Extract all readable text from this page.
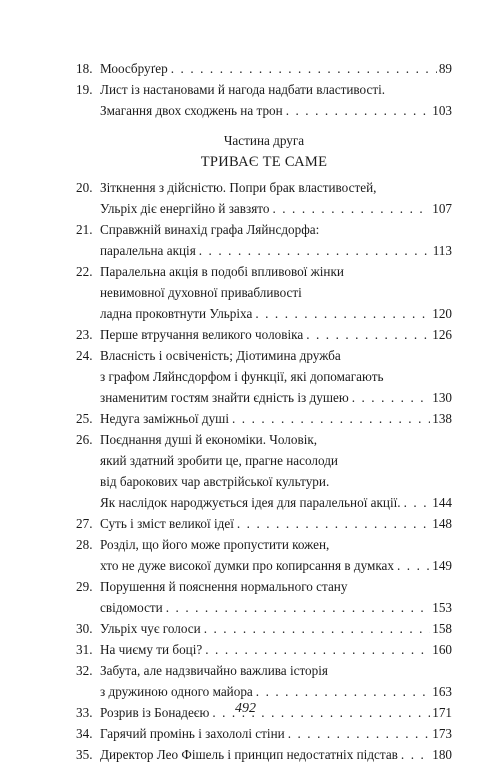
18. Моосбруґер . . .	89
19. Лист із настановами й нагода надбати властивості.
Змагання двох сходжень на трон . . .	103
Частина друга
ТРИВАЄ ТЕ САМЕ
20. Зіткнення з дійсністю. Попри брак властивостей,
Ульріх діє енергійно й завзято . . .	107
21. Справжній винахід графа Ляйнсдорфа:
паралельна акція . . .	113
22. Паралельна акція в подобі впливової жінки
невимовної духовної привабливості
ладна проковтнути Ульріха . . .	120
23. Перше втручання великого чоловіка . . .	126
24. Власність і освіченість; Діотимина дружба
з графом Ляйнсдорфом і функції, які допомагають
знаменитим гостям знайти єдність із душею . . .	130
25. Недуга заміжньої душі . . .	138
26. Поєднання душі й економіки. Чоловік,
який здатний зробити це, прагне насолоди
від барокових чар австрійської культури.
Як наслідок народжується ідея для паралельної акції. . . . 144
27. Суть і зміст великої ідеї . . .	148
28. Розділ, що його може пропустити кожен,
хто не дуже високої думки про копирсання в думках . . .	149
29. Порушення й пояснення нормального стану
свідомости . . .	153
30. Ульріх чує голоси . . .	158
31. На чиєму ти боці? . . .	160
32. Забута, але надзвичайно важлива історія
з дружиною одного майора . . .	163
33. Розрив із Бонадеєю . . .	171
34. Гарячий промінь і захололі стіни . . .	173
35. Директор Лео Фішель і принцип недостатніх підстав . . .	180
492
